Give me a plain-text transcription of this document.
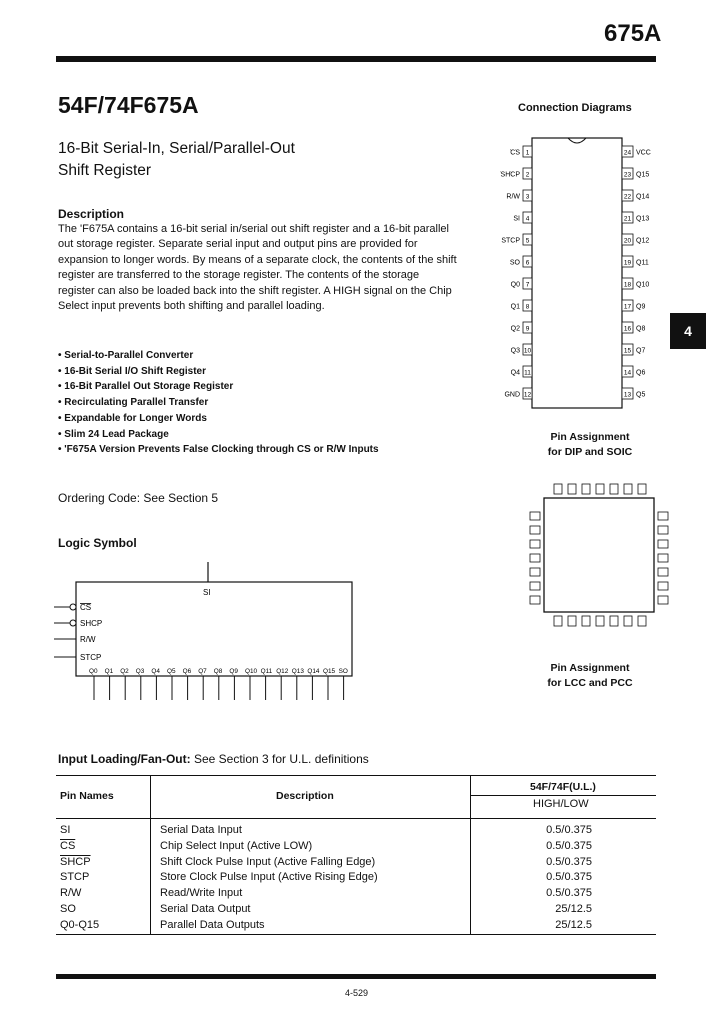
675A
54F/74F675A
16-Bit Serial-In, Serial/Parallel-Out
Shift Register
Description
The 'F675A contains a 16-bit serial in/serial out shift register and a 16-bit parallel out storage register. Separate serial input and output pins are provided for expansion to longer words. By means of a separate clock, the contents of the shift register are transferred to the storage register. The contents of the storage register can also be loaded back into the shift register. A HIGH signal on the Chip Select input prevents both shifting and parallel loading.
• Serial-to-Parallel Converter
• 16-Bit Serial I/O Shift Register
• 16-Bit Parallel Out Storage Register
• Recirculating Parallel Transfer
• Expandable for Longer Words
• Slim 24 Lead Package
• 'F675A Version Prevents False Clocking through CS or R/W Inputs
Ordering Code: See Section 5
Logic Symbol
SI
CS
SHCP
R/W
STCP
Q0 Q1 Q2 Q3 Q4 Q5 Q6 Q7 Q8 Q9 Q10 Q11 Q12 Q13 Q14 Q15 SO
4
Connection Diagrams
1
CS
2
SHCP
3
R/W
4
SI
5
STCP
6
SO
7
Q0
8
Q1
9
Q2
10
Q3
11
Q4
12
GND
24 VCC
23 Q15
22 Q14
21 Q13
20 Q12
19 Q11
18 Q10
17 Q9
16 Q8
15 Q7
14 Q6
13 Q5
Pin Assignment
for DIP and SOIC
Pin Assignment
for LCC and PCC
Input Loading/Fan-Out: See Section 3 for U.L. definitions
Pin Names	Description
54F/74F(U.L.)
HIGH/LOW
SI	Serial Data Input	0.5/0.375
$\overline{CS}$	Chip Select Input (Active LOW)	0.5/0.375
SHCP	Shift Clock Pulse Input (Active Falling Edge)	0.5/0.375
STCP	Store Clock Pulse Input (Active Rising Edge)	0.5/0.375
R/W	Read/Write Input	0.5/0.375
SO	Serial Data Output	25/12.5
Q0-Q15	Parallel Data Outputs	25/12.5
4-529
